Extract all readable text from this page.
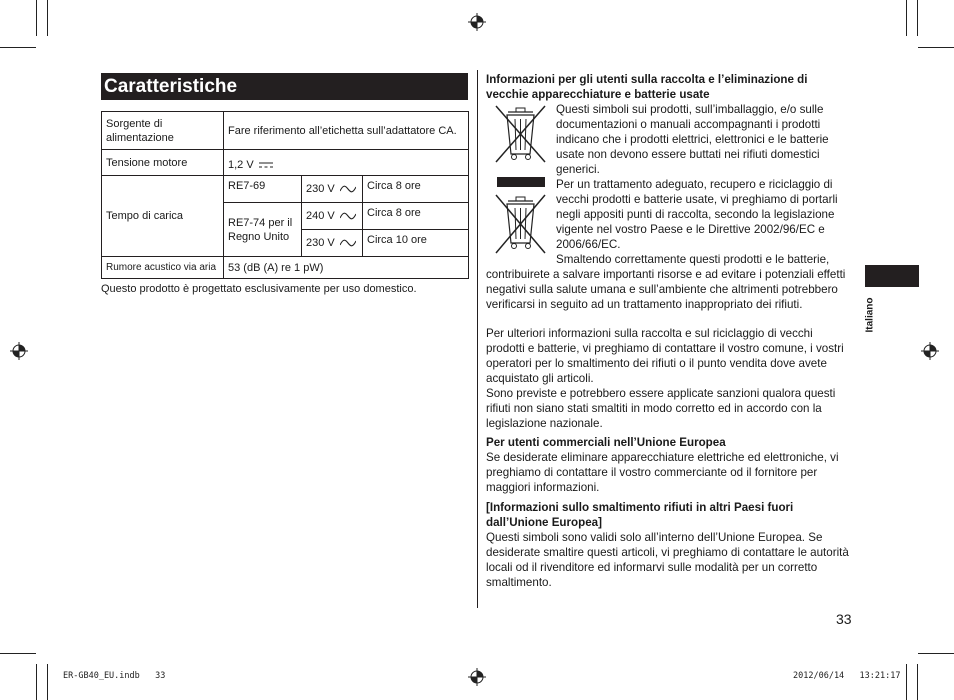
Caratteristiche
Sorgente di alimentazione	Fare riferimento all’etichetta sull’adattatore CA.		
Tensione motore	1,2 V		
Tempo di carica	RE7-69	230 V	Circa 8 ore
	RE7-74 per il Regno Unito	240 V	Circa 8 ore
		230 V	Circa 10 ore
Rumore acustico via aria	53 (dB (A) re 1 pW)		
Questo prodotto è progettato esclusivamente per uso domestico.
Informazioni per gli utenti sulla raccolta e l’eliminazione di vecchie apparecchiature e batterie usate
Questi simboli sui prodotti, sull’imballaggio, e/o sulle documentazioni o manuali accompagnanti i prodotti indicano che i prodotti elettrici, elettronici e le batterie usate non devono essere buttati nei rifiuti domestici generici.
Per un trattamento adeguato, recupero e riciclaggio di vecchi prodotti e batterie usate, vi preghiamo di portarli negli appositi punti di raccolta, secondo la legislazione vigente nel vostro Paese e le Direttive 2002/96/EC e 2006/66/EC.
Smaltendo correttamente questi prodotti e le batterie, contribuirete a salvare importanti risorse e ad evitare i potenziali effetti negativi sulla salute umana e sull’ambiente che altrimenti potrebbero verificarsi in seguito ad un trattamento inappropriato dei rifiuti.
Per ulteriori informazioni sulla raccolta e sul riciclaggio di vecchi prodotti e batterie, vi preghiamo di contattare il vostro comune, i vostri operatori per lo smaltimento dei rifiuti o il punto vendita dove avete acquistato gli articoli.
Sono previste e potrebbero essere applicate sanzioni qualora questi rifiuti non siano stati smaltiti in modo corretto ed in accordo con la legislazione nazionale.
Per utenti commerciali nell’Unione Europea
Se desiderate eliminare apparecchiature elettriche ed elettroniche, vi preghiamo di contattare il vostro commerciante od il fornitore per maggiori informazioni.
[Informazioni sullo smaltimento rifiuti in altri Paesi fuori dall’Unione Europea]
Questi simboli sono validi solo all’interno dell’Unione Europea. Se desiderate smaltire questi articoli, vi preghiamo di contattare le autorità locali od il rivenditore ed informarvi sulle modalità per un corretto smaltimento.
Italiano
33
ER-GB40_EU.indb   33	2012/06/14   13:21:17
